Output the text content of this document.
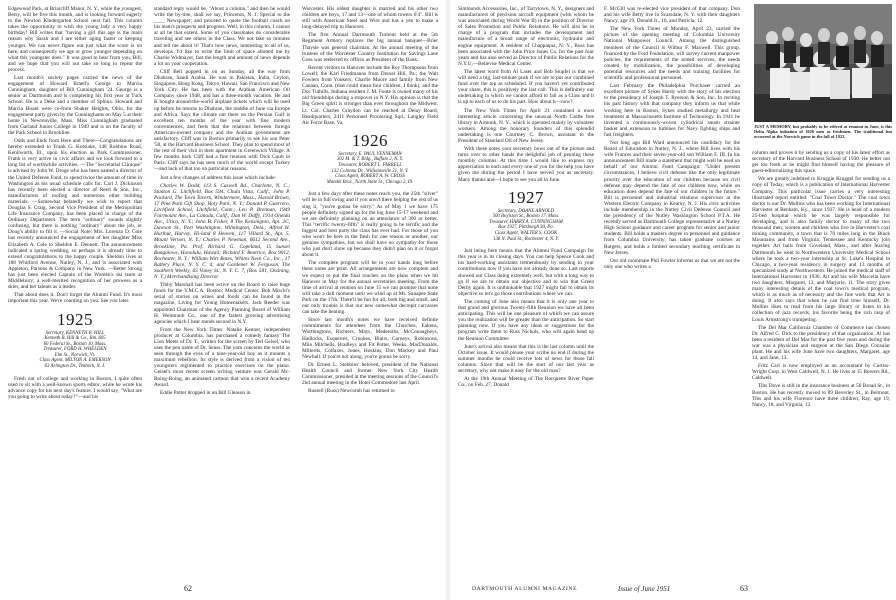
Edgewood Park, at Briarcliff Manor, N. Y., while the youngest, Betsy, will be five this month, and is looking forward eagerly to the Newton Kindergarten School next fall. This column takes the opportunity to wish the young lady a very happy birthday! Bill writes that "having a girl this age is the main reason why Sarah and I are either aging faster or keeping younger. We can never figure out just what the score is on here, and consequently we age or grow younger depending on what this youngster does." It was good to hear from you, Bill, and we hope that you will not take so long to repeat the process.

Last month's society pages carried the news of the engagement of Howard Braell's George to Marcia Cunningham, daughter of Bill Cunningham '24. George is a senior at Dartmouth and is completing his first year at Tuck School. He is a Deke and a member of Sphinx. Howard and Marcia Bissel were co-from Shaker Heights, Ohio, for the engagement party given by the Cunninghams on May 5 at their home in Newtonville, Mass. Miss Cunningham graduated from Garland Junior College in 1949 and is on the faculty of the Park School in Brookline.

Odds and Ends from Here and There—Congratulations are hereby extended to Frank G. Kotsiake, 148 Robbins Road, Kenilworth, Ill., upon his election as Park Commissioner. Frank is very active in civic affairs and we look forward to a long list of worthwhile activities. —The "Secretarial Clinique" is advised by John W. Droge who has been named a director of the United Defense Fund, to spend twice the amount of time in Washington as his usual schedule calls for. Carl J. Dickinson has recently been elected a director of Reed & Son, Inc., manufacturers of roofing and numerous other building materials. —Somewhat belatedly we wish to report that Douglas S. Craig, Second Vice President of the Metropolitan Life Insurance Company, has been placed in charge of the Ordinary Department. The term "ordinary" sounds slightly confusing, but there is nothing "ordinary" about the job, or Doug's ability to fill it. —Social Note: Mrs. Lorenzo D. Cole has recently announced the engagement of her daughter Miss Elizabeth A. Cole to Sheldon E. Dennett. The announcement indicated a spring wedding, so perhaps it is already time to extend congratulations to the happy couple. Sheldon lives at 188 Whitford Avenue, Nutley, N. J., and is associated with Appleton, Parsons & Company in New York. —Better Strong has just been elected Captain of the Women's ski team at Middlebury; a well-merited recognition of her prowess as a skier, and her talents as a leader.

That about does it. Don't forget the Alumni Fund. It's most important this year. We're counting on you. See you later.

1925
Secretary, KENNETH B. HILL
Kenneth B. Hill & Co., Rm. 605
60 Federal St., Boston 10, Mass.
Treasurer, FORD H. WHELDEN
Elm St., Norwich, Vt.
Class Agent, MILTON A. EMERSON
63 Arlington Dr., Tenbeck, N. J.

Fresh out of college and working in Boston, I quite often used to sit with a well-known sports editor, while he wrote his advance copy for his next day's feature. I would say, "What are you going to write about today?"—and his

standard reply would be, "About a column," and then he would write the by-line, shall we say, Princeton, N. J. Special to the ____ Newspaper; and proceed to quote the football coach on his team's prospects and progress. Well, in this column, I cannot at all be that extent. Some of you classmates do considerable traveling and see others in the Class. We not take so minutes and tell me about it! That's how news, interesting to all of us, develops. I'd like to write the limit of space allotted me by Charlie Widmayer, fast the length and amount of news depends a lot on your cooperation.

Cliff Bell popped in on us Sunday, all the way from Dhahran, Saudi Arabia. He was in Pakistan, India, Ceylon, Singapore, Hong Kong, Tokyo, Hawaii, San Francisco and New York City. He has been with the Arabian American Oil Company since 1948, and has a three-month vacation. He and K bought around-the-world airplane tickets which will be used up before he returns to Dhahran, the middle of June via Europe and Africa. Says the climate out there on the Persian Gulf is excellent ten months of the year with fine modern conveniences, and feels that the relations between foreign American-owned company and the Arabian government are satisfactory. Cliff was in Boston primarily to see his son Peter '50, at the Harvard Business School. They plan to spend most of the rest of their visit in their apartment in Greenwich Village. A few months back Cliff had a fine reunion with Dick Gault in Paris. Cliff says he has seen much of the world except Turkey—and luck of that too on particular reasons.

Just a few changes of address this issue which include:

Charles W. Dodd, 113 S. Caswell Rd., Charlotte, N. C.; Stanton G. Litchfield, Box 594, Chula Vista, Calif.; John P. Packard, The Town Tavern, Windermere, Mass.; Harold Brown, 17 Pine Park Gift Shop, Holy Park, N. Y.; Donald P. Guerrero, Litchfield School, Litchfield, Conn.; Leo P. Brennan, 1949 Fairmount Ave., La Canada, Calif.; Dan W. Duffy, 1914 Oneida Ave., Utica, N. Y.; John B. Fisher, 8 The Kensington, Apt. 2C, Dawson St., Port Washington, Wilmington, Dela.; Alfred H. Hurlbut, Harvey, Hi-land 8 Heaven, 117 Villard St., Apt. 5, Mount Vernon, N. Y.; Charles P. Newman, 6612 Second Ave., Brookline, Pa. Prof. Richard G. Copeland, 15 Sunset Bungalows, Honolulu, Hawaii; Richard F. Beatrice, Box 9012, Rochester, N. Y.; William Wirt Bates, Whites Neck Co., Inc., 17 Battery Place, N. Y. C. 4; and Gardener W. Ferguson, The Southern Weekly, 65 Voney St., N. Y. C. 7, (Box 581, Ossining, N. Y.) Merchandising Director.

Tibby Marshall has been active on the Board to raise huge funds for the Y.M.C.A. Boston; Medical Center. Bob Mischi's serial of stories on wines and foods can be found in the magazine, Living for Young Homemakers. Jack Reeder was appointed Chairman of the Agency Planning Board of William H. Weintraub Co., one of the fastest growing advertising agencies which I hear stands second in N.Y.

From the New York Times: Natalie Kenner, independent producer at Columbia, has purchased a comedy fantasy The Lion Meets of Dr. T., written for the screen by Ted Geisel, who uses the pen name of Dr. Seuss. The yarn concerns the world as seen through the eyes of a nine-year-old boy as it mounts a maximum rebellion. Its style is derived from a vision of ten youngsters regimented to practice exercises on the piano. Geisel's most recent screen writing venture was Gerald Mc-Boing-Boing, an animated cartoon that won a recent Academy Award.

Eddie Potter dropped in on Bill Gleason in

Worcester. His oldest daughter is married and his other two children are boys, 17 and 13—one of whom towers 6'4". Bill is still with American Steel and Wire and has a yen to make a long-delayed trip to Hanover.

The first Annual Dartmouth Turnout held at the 5th Regiment Armory replaces the big annual banquet—Brier Thaysie was general chairman. At the annual meeting of the trustees of the Worcester Country Institution for Savings Lane Goss was reelected ex officio as President of the Bank.

Recent visitors to Hanover include the Roy Thompsons from Lowell; the Karl Friedmanns from Drexel Hill, Pa.; the Walt Fowlers from Yonkers; Charlie Moore and family from New Canaan, Conn. (that could mean four children, I think); and the Doc Tuthills, Indiana resident J. M. Foote is owned many of his old friendships during a stopover in N.Y. His opinion is that the Big Green spirit is stronger than ever throughout the Midwest. Lt. Col. Charles Graydon can be reached at Delay Board, Headquarters, 2411 Personnel Processing Sqd., Langley Field Air Force Base, Va.

1926
Secretary, E. PAUL VENNEMAN
302 M. & T. Bldg., Buffalo 2, N. Y.
Treasurer, ROBERT L. FARRELL
132 Colonna Dr., Williamsville 21, N. Y.
Class Agent, ROBERT A. W. CROSS
Mandel Bros., North State St., Chicago 2, Ill.

Just a few days after these notes reach you, the 25th "silver" will be in full swing and if you aren't there helping the rest of us sing it, "you're gonna be sorry." As of May 1 we have 175 people definitely signed up for the big June 15-17 weekend and we are definitely planning on an attendance of 300 or better. This "terrific twenty-fifth" is really going to be terrific and the biggest and best party the class has ever had. For those of you who won't be here in the flesh for one reason or another, our genuine sympathies, but we shall have no sympathy for those who just don't show up because they didn't plan on it or forgot about it.

The complete program will be in your hands long before these notes are print. All arrangements are now complete and we expect to put the final touches on the plans when we hit Hanover in May for the annual secretaries meeting. From the time of arrival at reunion on June 15 we can promise that none will take a dull moment until we wind up at Mt. Sunapee State Park on the 17th. There'll be fun for all, both big and small, and our only trouble is that our new somewhat decrepit carcasses can take the beating.

Since last month's notes we have received definite commitments for attendees from the Churches, Eakens, Worthingtons, Richters, Mays, Mederoths, McConaugheys, Hadlocks, Esquerres, Crookes, Blairs, Garneys, Robinsons, Milo Mitchells, Bradleys and Fit Potter, Weeks, MacDonalds, Millerits, Colfaxes, Jones, Hoskins, Don Mackey and Paul Newhall. If you're not along, you're gonna be sorry.

Dr. Ernest L. Stebbins' beloved, president of the National Health Council and former New York City Health Commissioner, presided at the meeting sessions of the Council's 2nd annual meeting in the Hotel Commodore last April.

Russell (Russ) Newcomb has returned to

62

Simmonds Accessories, Inc., of Tarrytown, N. Y., designers and manufacturers of precision aircraft equipment (with whom he was associated during World War II) in the position of Director of Sales Promotion and Public Relations. He will also be in charge of a program that includes the development and manufacture of a broad range of electronic, hydraulic and engine equipment. A resident of Chappaqua, N. Y., Russ has been associated with the John Price Jones Co. for the past four years and has also served as Director of Public Relations for the N.Y.U.—Bellevue Medical Center.

The latest word from Al Laser and Bob Stupfel is that we will need a big, last-minute push if we are to put our combined fund over the top as scheduled. If you haven't yet contributed your share, this is positively the last call. This is definitely our undertaking in which we cannot afford to fall as a Class and it is up to each of us to do his part. How about it—now?

The New York Times for April 21 contained a most interesting article concerning the unusual North Castle free library in Armonk, N. Y., which is operated mainly by volunteer workers. Among the honorary founders of this splendid undertaking is one Courtney C. Brown, assistant to the President of Standard Oil of New Jersey.

With these notes your secretary bows out of the picture and turns over to other hands the delightful job of penning these monthly columns. At this time I would like to express my appreciation to each and every one of you for the help you have given me during the period I have served you as secretary. Many thanks and—I hope to see you all in June.

1927
Secretary, DOANE ARNOLD
500 Boylston St., Boston 17, Mass.
Treasurer, HARRY A. CUNNINGHAM
Box 1927, Pittsburgh 30, Pa.
Class Agent, WALTER S. COOK
138 N. Paul St., Rochester 4, N. Y.

Just being here means that the Alumni Fund Campaign for this year is in its closing days. You can help Spence Cook and his hard-working assistants tremendously by sending in your contributions now if you have not already done so. Last reports showed our Class doing extremely well, but with a long way to go if we are to obtain our objective and to win that Green Derby again. It is unthinkable that 1927 might fail to obtain its objective so let's go those contributions where we can.

The coming of June also means that it is only one year to that grand and glorious Twenty-fifth Reunion we have all been anticipating. This will be one pleasure of which we can assure you the realization will be greater than the anticipation. So start planning now. If you have any ideas or suggestions for the program write them to Russ Nichols, who will again head up the Reunion Committee.

June's arrival also means that this is the last column until the October issue. It would please your scribe no end if during the summer months he could receive lots of news for those fall columns. Since that will be the start of our last year as secretary, why not make it easy for the old man?

At the 19th Annual Meeting of The Racquette River Paper Co., on Feb. 27, Donald

F. McGill was re-elected vice president of that company. Don and his wife Betty live in Scarsdale, N. Y. with their daughters Nancy, age 19, Donald Jr., 16, and Patricia, 12.

The New York Times of Monday, April 23, carried the picture of the opening meeting of Columbia University National Manpower Council. Among the distinguished members of the Council is Wilbur F. Maxwell. This group, financed by the Ford Foundation, will survey current manpower policies, the requirements of the armed services, the needs created by mobilization, the possibilities of developing potential resources and the needs and training facilities for scientific and professional personnel.

Last February the Philadelphia Purchaser carried an excellent picture of Sykes Hardy with the story of his election to the presidency of Joseph T. Ryerson & Son, Inc. In reciting his past history with that company they inform us that while working here in Boston, Sykes studied metallurgy and heat treatment at Massachusetts Institute of Technology. In 1941 he invented a continuously-woven cylindrical steam strainer basket and extension to turbines for Navy fighting ships and fast freighters.

Not long ago Bill Ward announced his candidacy for the Board of Education in Nutley, N. J., where Bill lives with his wife Frances and their seven-year-old son William F. III. In his announcement Bill made a statement that might well be used on behalf of our Alumni Fund Campaign: "Under present circumstances, I believe civil defense like the only legitimate priority over the education of our children because on civil defense may depend the fate of our children now, while on education does depend the fate of our children in the future." Bill is personnel and industrial relations supervisor at the Western Electric Company in Kearny, N. J. His civic activities include membership in the Nutley Civil Defense Council and the presidency of the Nutley Washington School P.T.A. He recently served as Dartmouth College representative at a Nutley High School guidance and career program for senior and junior students. Bill holds a masters degree in personnel and guidance from Columbia University, has taken graduate courses at Rutgers, and holds a limited secondary teaching certificate in New Jersey.

Our old roommate Phil Fowler informs us that we are not the only one who writes a

JUST A MEMORY, but probably to be relived at reunion in June, is this Delta Alpha initiation of 1926 men as freshmen. The traditional fun occurred at the Norwich game in the fall of 1922.

column and proves it by sending us a copy of his latest effort as secretary of the Harvard Business School of 1930. He better not get too fresh or he might find himself having the pleasure of guest-editorializing this space.

We are greatly indebted to Kruggie Kruggel for sending us a copy of Today, which is a publication of International Harvester Company. This particular issue carries a very interesting illustrated report entitled: "Coal Town Doctor." The coal town doctor is our Dr. Mullins who has been working for International Harvester at Benham, Ky., since 1937. He is head of a modern 25-bed hospital which he was largely responsible for developing, and is also family doctor to many of the two thousand men, women and children who live in Harvester's coal mining community, a town that is 70 miles long in the Black Mountains and from Virginia, Tennessee and Kentucky join together. Art hails from Goveland, Mass., and after leaving Dartmouth he went to Northwestern University Medical School where he took a two-year internship at St. Luke's Hospital in Chicago, a two-year residency in surgery and 13 months of specialized study at Northwestern. He joined the medical staff of International Harvester in 1936. Art and his wife Marcella have two daughters, Margaret, 12, and Marjorie, 11. The story gives many interesting details of the coal town's medical program, which is as much as of necessity and the fine work that Art is doing. It also says that when he can find time himself, Dr. Mullins likes to read from his large library or listen to his collection of jazz records, his favorite being the rich rasp of Louis Armstrong's trumpeting.

The Del Mar California Chamber of Commerce has chosen Dr. Alfred C. Dick to the presidency of that organization. Al has been a resident of Del Mar for the past five years and during the war was a physician and surgeon at the San Diego Consular plant. He and his wife June have two daughters, Margaret, age 14, and Jane, 13.

Fritz Carl is now employed as an accountant by Curtiss-Wright Corp. in West Caldwell, N. J. He lives at 15 Bowers Rd., Caldwell.

Tibs Dove is still in the insurance business at 50 Broad St., in Boston. He has recently moved to 89 Beverley St., in Belmont. Tibs and his wife Florence have three children, Ray, age 19, Nancy, 18, and Virginia, 12.

DARTMOUTH ALUMNI MAGAZINE	Issue of June 1951	63
